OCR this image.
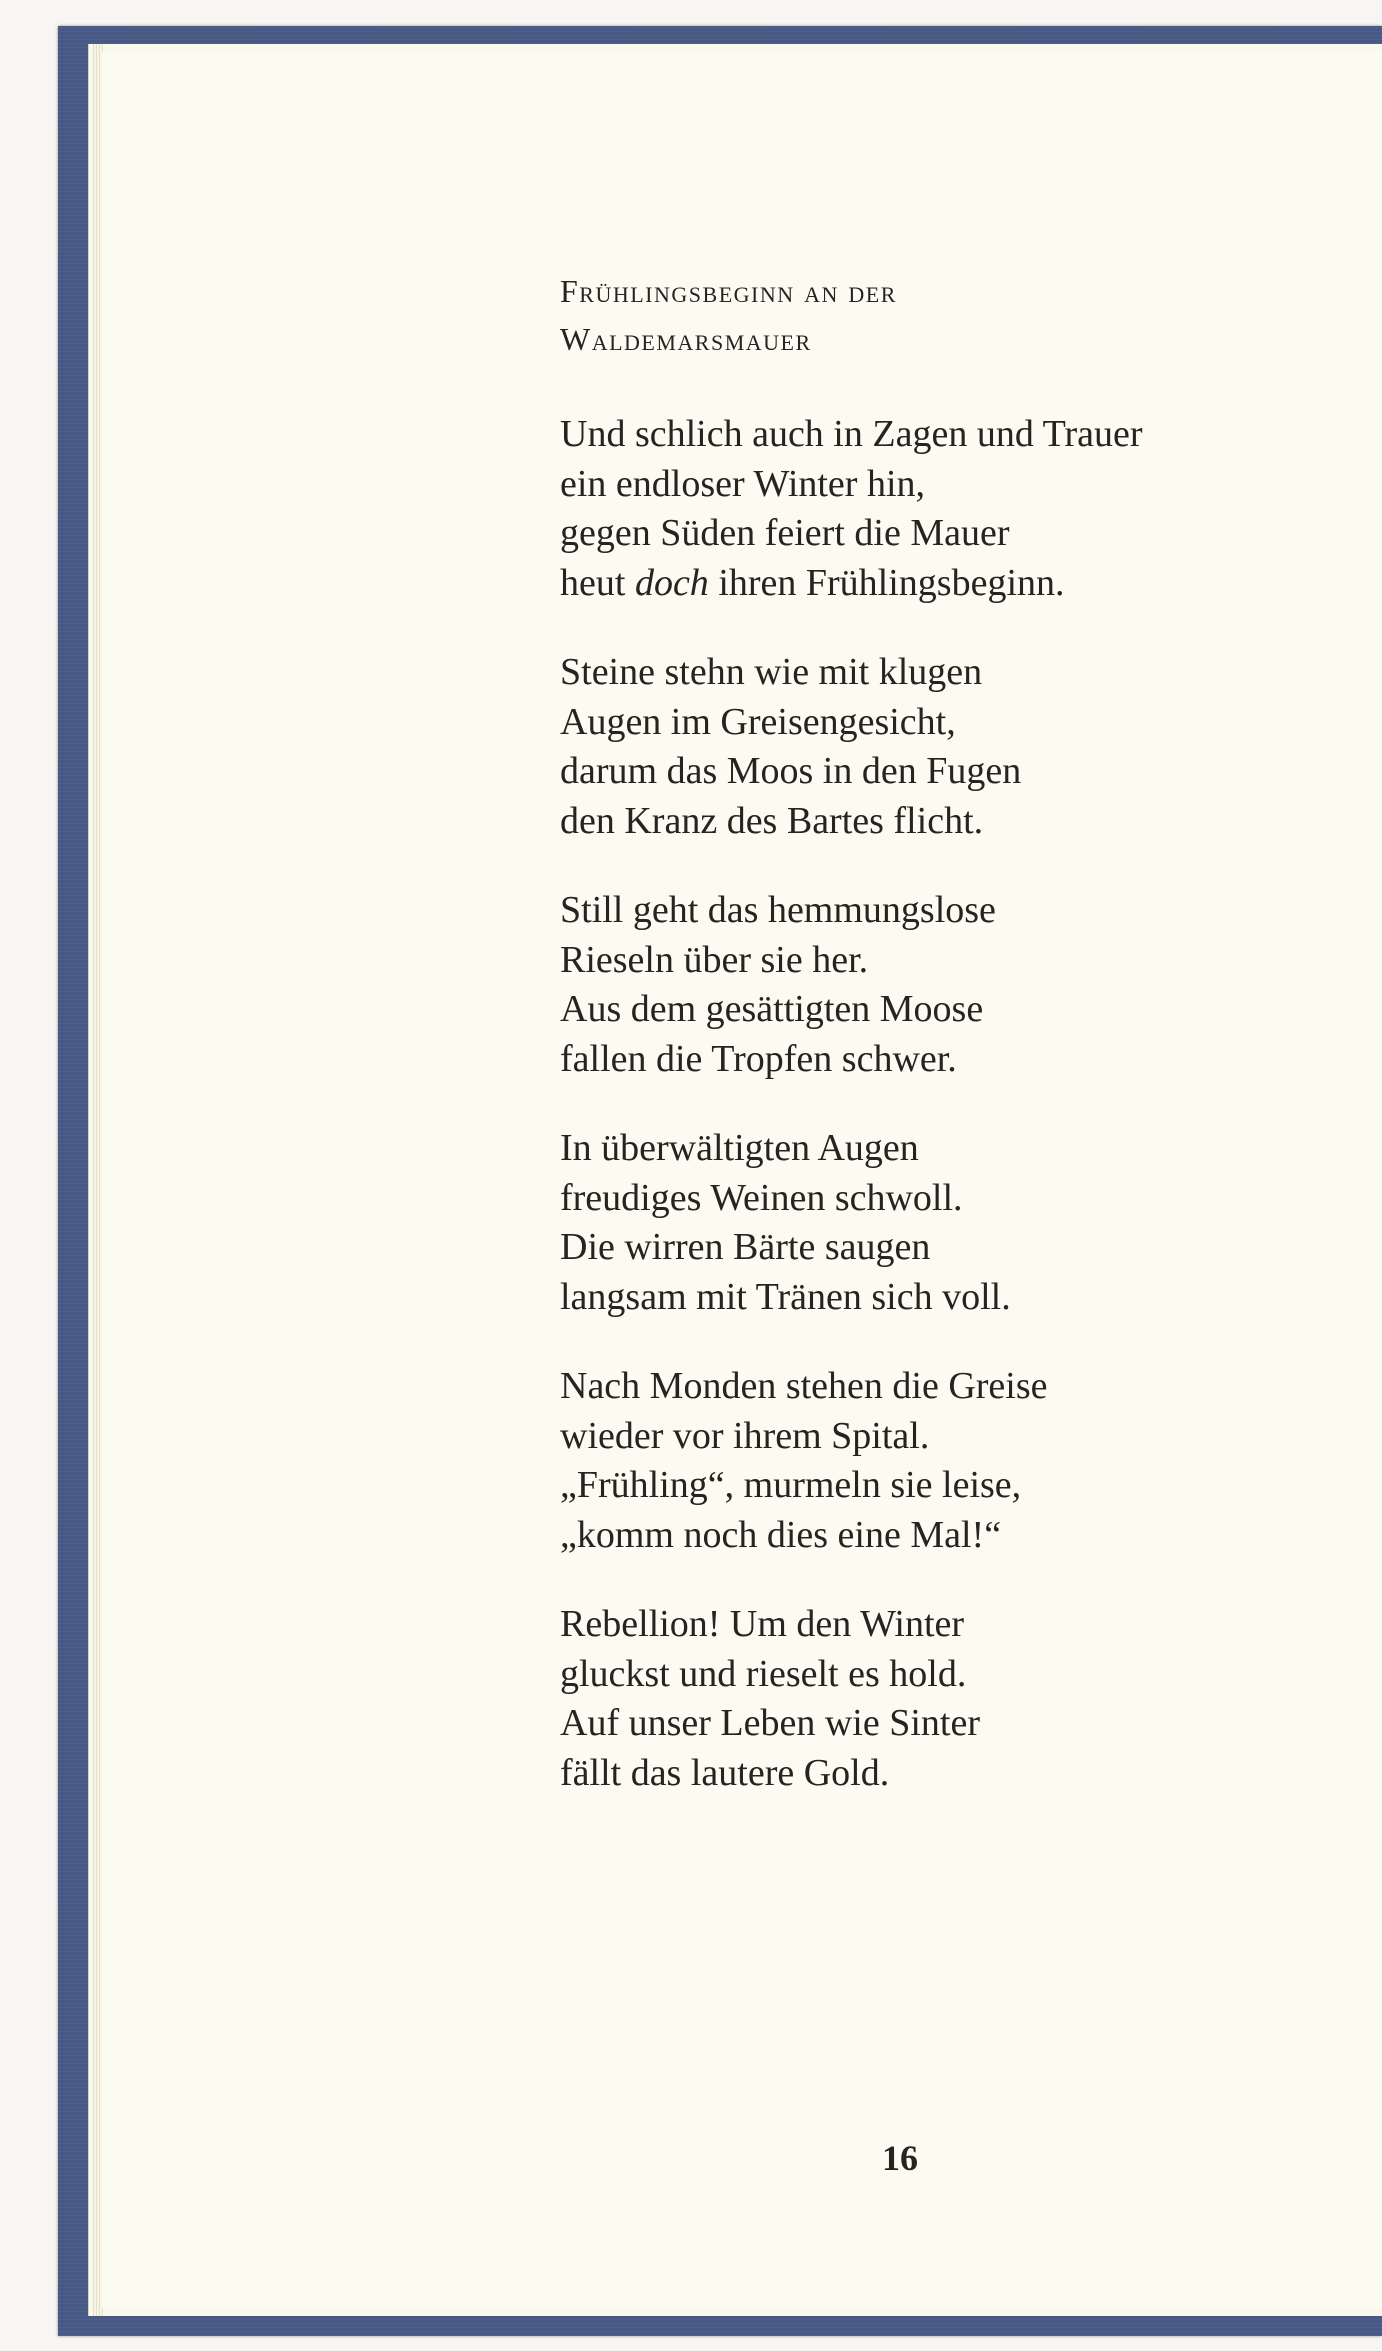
Frühlingsbeginn an der
Waldemarsmauer
Und schlich auch in Zagen und Trauer
ein endloser Winter hin,
gegen Süden feiert die Mauer
heut doch ihren Frühlingsbeginn.
Steine stehn wie mit klugen
Augen im Greisengesicht,
darum das Moos in den Fugen
den Kranz des Bartes flicht.
Still geht das hemmungslose
Rieseln über sie her.
Aus dem gesättigten Moose
fallen die Tropfen schwer.
In überwältigten Augen
freudiges Weinen schwoll.
Die wirren Bärte saugen
langsam mit Tränen sich voll.
Nach Monden stehen die Greise
wieder vor ihrem Spital.
„Frühling“, murmeln sie leise,
„komm noch dies eine Mal!“
Rebellion! Um den Winter
gluckst und rieselt es hold.
Auf unser Leben wie Sinter
fällt das lautere Gold.
16
